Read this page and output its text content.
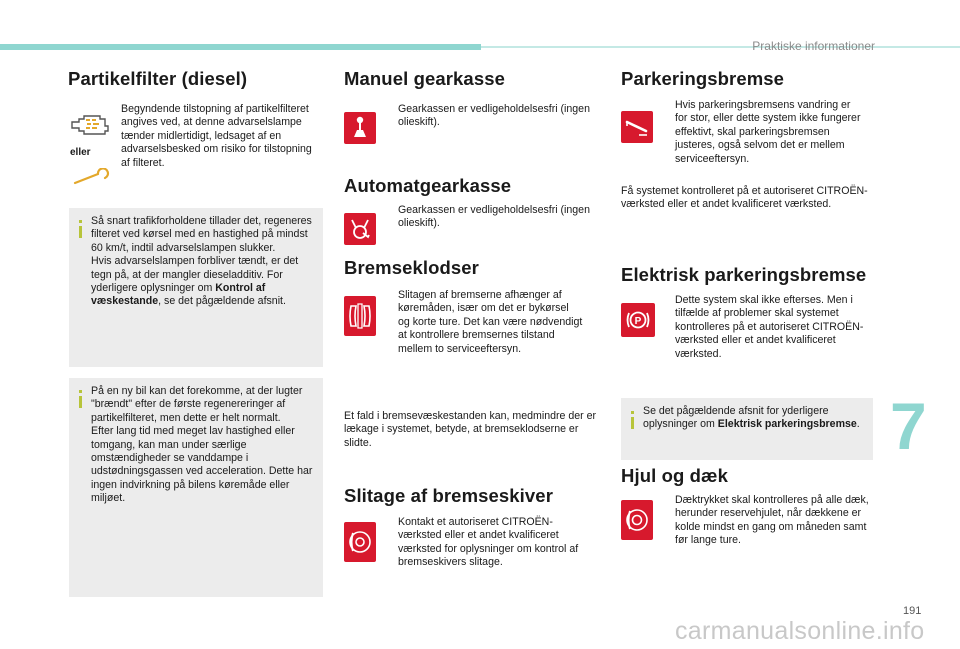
Praktiske informationer
Partikelfilter (diesel)
eller

Begyndende tilstopning af partikelfilteret angives ved, at denne advarselslampe tænder midlertidigt, ledsaget af en advarselsbesked om risiko for tilstopning af filteret.

Så snart trafikforholdene tillader det, regeneres filteret ved kørsel med en hastighed på mindst 60 km/t, indtil advarselslampen slukker.
Hvis advarselslampen forbliver tændt, er det tegn på, at der mangler dieseladditiv. For yderligere oplysninger om Kontrol af væskestande, se det pågældende afsnit.

På en ny bil kan det forekomme, at der lugter "brændt" efter de første regenereringer af partikelfilteret, men dette er helt normalt.
Efter lang tid med meget lav hastighed eller tomgang, kan man under særlige omstændigheder se vanddampe i udstødningsgassen ved acceleration. Dette har ingen indvirkning på bilens køremåde eller miljøet.

Manuel gearkasse

Gearkassen er vedligeholdelsesfri (ingen olieskift).

Automatgearkasse

Gearkassen er vedligeholdelsesfri (ingen olieskift).

Bremseklodser

Slitagen af bremserne afhænger af køremåden, især om det er bykørsel og korte ture. Det kan være nødvendigt at kontrollere bremsernes tilstand mellem to serviceeftersyn.

Et fald i bremsevæskestanden kan, medmindre der er lækage i systemet, betyde, at bremseklodserne er slidte.

Slitage af bremseskiver

Kontakt et autoriseret CITROËN-værksted eller et andet kvalificeret værksted for oplysninger om kontrol af bremseskivers slitage.

Parkeringsbremse

Hvis parkeringsbremsens vandring er for stor, eller dette system ikke fungerer effektivt, skal parkeringsbremsen justeres, også selvom det er mellem serviceeftersyn.

Få systemet kontrolleret på et autoriseret CITROËN-værksted eller et andet kvalificeret værksted.

Elektrisk parkeringsbremse
P

Dette system skal ikke efterses. Men i tilfælde af problemer skal systemet kontrolleres på et autoriseret CITROËN-værksted eller et andet kvalificeret værksted.

Se det pågældende afsnit for yderligere oplysninger om Elektrisk parkeringsbremse.

Hjul og dæk

Dæktrykket skal kontrolleres på alle dæk, herunder reservehjulet, når dækkene er kolde mindst en gang om måneden samt før lange ture.

7
191
carmanualsonline.info
